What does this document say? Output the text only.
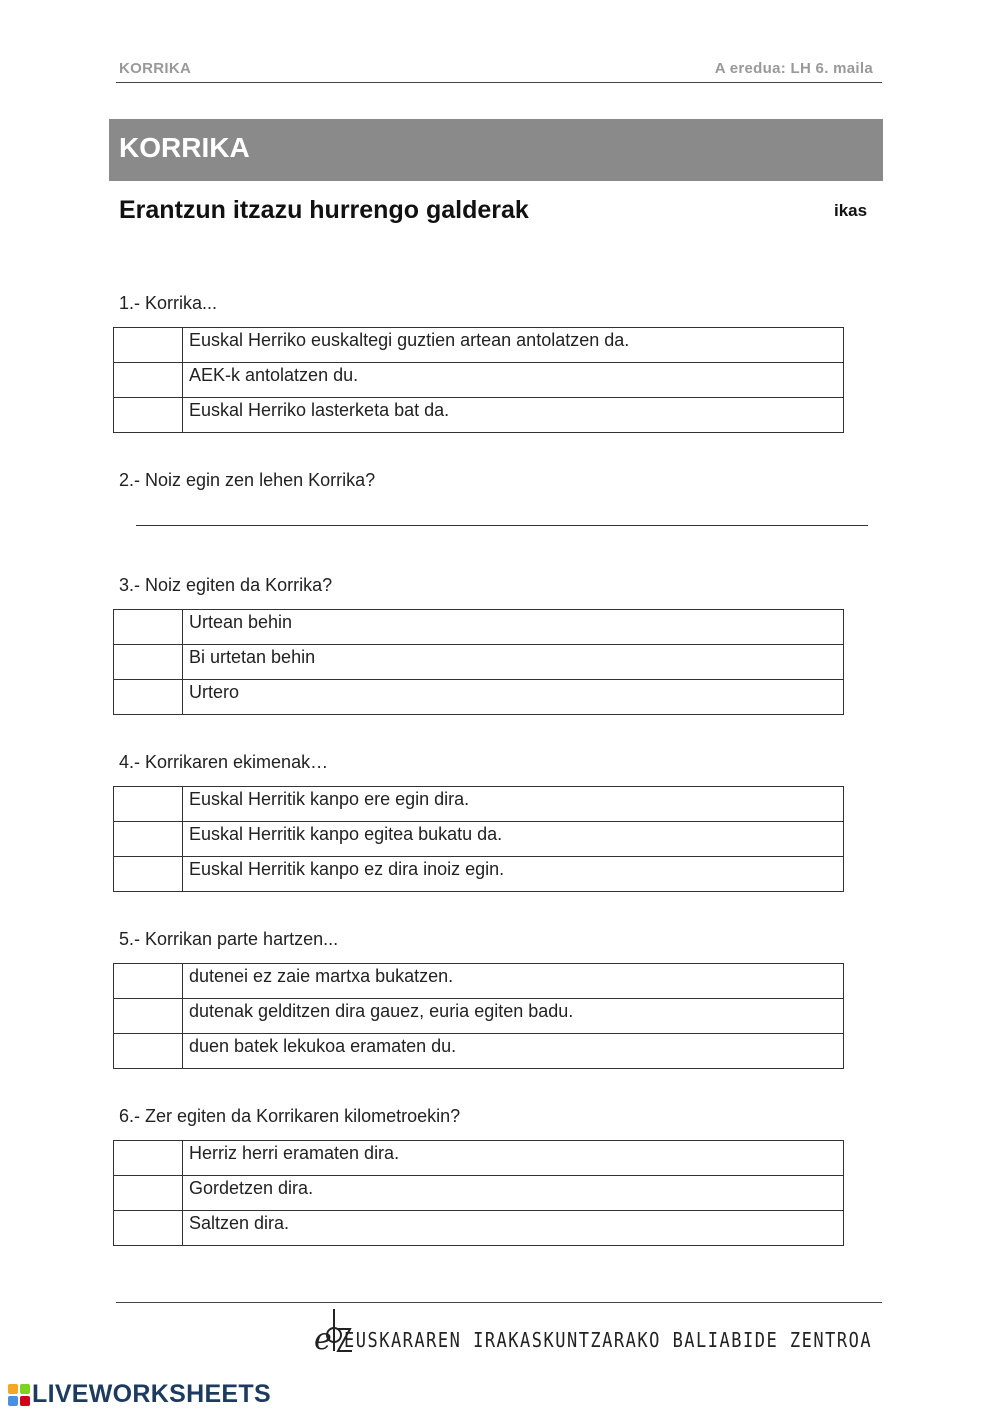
KORRIKA	A eredua: LH 6. maila
KORRIKA
Erantzun itzazu hurrengo galderak	ikas
1.- Korrika...
	Euskal Herriko euskaltegi guztien artean antolatzen da.
	AEK-k antolatzen du.
	Euskal Herriko lasterketa bat da.
2.- Noiz egin zen lehen Korrika?
3.- Noiz egiten da Korrika?
	Urtean behin
	Bi urtetan behin
	Urtero
4.- Korrikaren ekimenak…
	Euskal Herritik kanpo ere egin dira.
	Euskal Herritik kanpo egitea bukatu da.
	Euskal Herritik kanpo ez dira inoiz egin.
5.- Korrikan parte hartzen...
	dutenei ez zaie martxa bukatzen.
	dutenak gelditzen dira gauez, euria egiten badu.
	duen batek lekukoa eramaten du.
6.- Zer egiten da Korrikaren kilometroekin?
	Herriz herri eramaten dira.
	Gordetzen dira.
	Saltzen dira.
e EUSKARAREN IRAKASKUNTZARAKO BALIABIDE ZENTROA
LIVEWORKSHEETS
